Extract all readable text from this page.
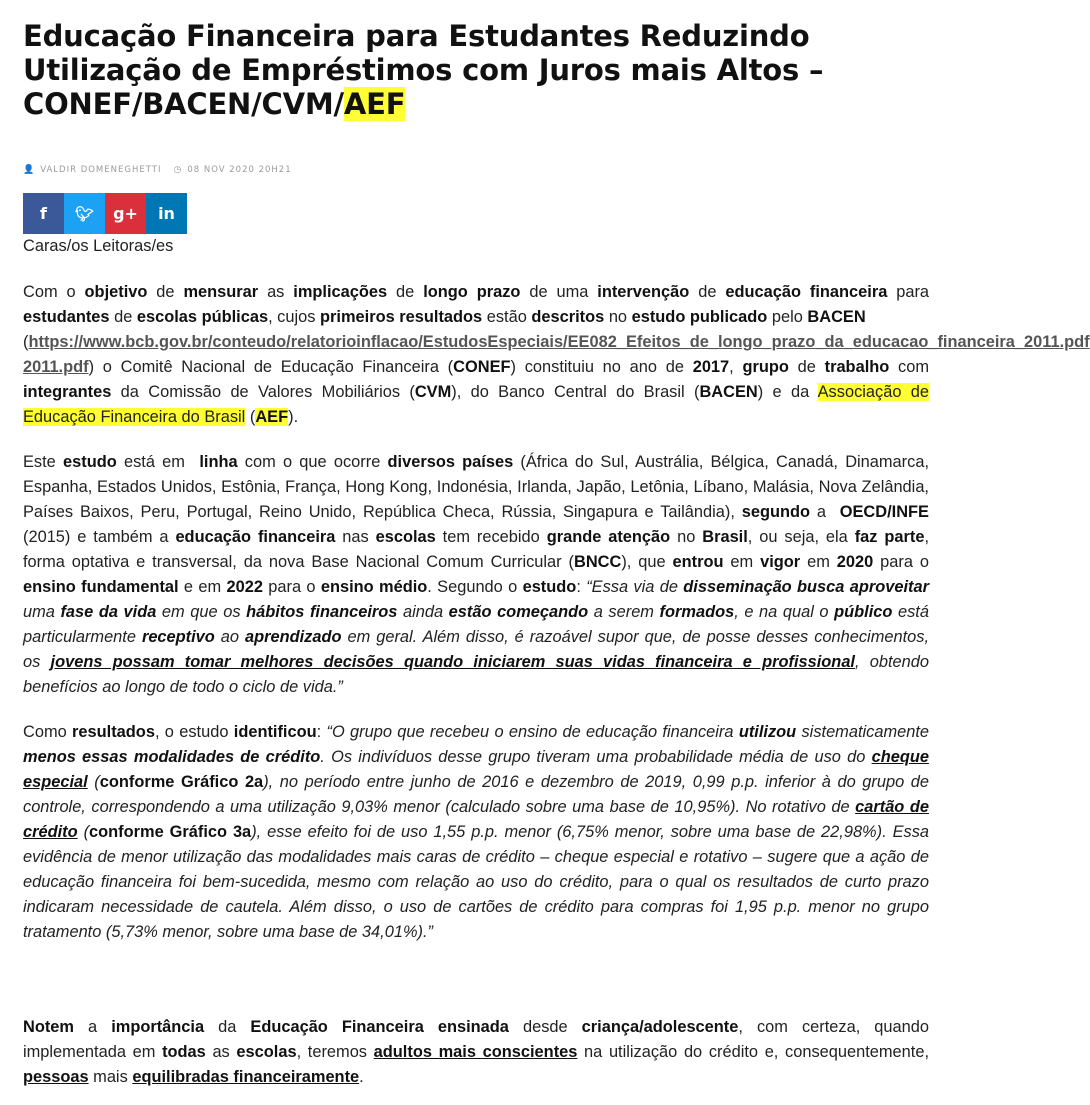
Educação Financeira para Estudantes Reduzindo Utilização de Empréstimos com Juros mais Altos – CONEF/BACEN/CVM/AEF
👤 VALDIR DOMENEGHETTI ◷ 08 NOV 2020 20H21
f 🐦︎ g+ in

Caras/os Leitoras/es

Com o objetivo de mensurar as implicações de longo prazo de uma intervenção de educação financeira para estudantes de escolas públicas, cujos primeiros resultados estão descritos no estudo publicado pelo BACEN
(https://www.bcb.gov.br/conteudo/relatorioinflacao/EstudosEspeciais/EE082_Efeitos_de_longo_prazo_da_educacao_financeira_2011.pdf
2011.pdf) o Comitê Nacional de Educação Financeira (CONEF) constituiu no ano de 2017, grupo de trabalho com integrantes da Comissão de Valores Mobiliários (CVM), do Banco Central do Brasil (BACEN) e da Associação de Educação Financeira do Brasil (AEF).

Este estudo está em  linha com o que ocorre diversos países (África do Sul, Austrália, Bélgica, Canadá, Dinamarca, Espanha, Estados Unidos, Estônia, França, Hong Kong, Indonésia, Irlanda, Japão, Letônia, Líbano, Malásia, Nova Zelândia, Países Baixos, Peru, Portugal, Reino Unido, República Checa, Rússia, Singapura e Tailândia), segundo a  OECD/INFE (2015) e também a educação financeira nas escolas tem recebido grande atenção no Brasil, ou seja, ela faz parte, forma optativa e transversal, da nova Base Nacional Comum Curricular (BNCC), que entrou em vigor em 2020 para o ensino fundamental e em 2022 para o ensino médio. Segundo o estudo: “Essa via de disseminação busca aproveitar uma fase da vida em que os hábitos financeiros ainda estão começando a serem formados, e na qual o público está particularmente receptivo ao aprendizado em geral. Além disso, é razoável supor que, de posse desses conhecimentos, os jovens possam tomar melhores decisões quando iniciarem suas vidas financeira e profissional, obtendo benefícios ao longo de todo o ciclo de vida.”

Como resultados, o estudo identificou: “O grupo que recebeu o ensino de educação financeira utilizou sistematicamente menos essas modalidades de crédito. Os indivíduos desse grupo tiveram uma probabilidade média de uso do cheque especial (conforme Gráfico 2a), no período entre junho de 2016 e dezembro de 2019, 0,99 p.p. inferior à do grupo de controle, correspondendo a uma utilização 9,03% menor (calculado sobre uma base de 10,95%). No rotativo de cartão de crédito (conforme Gráfico 3a), esse efeito foi de uso 1,55 p.p. menor (6,75% menor, sobre uma base de 22,98%). Essa evidência de menor utilização das modalidades mais caras de crédito – cheque especial e rotativo – sugere que a ação de educação financeira foi bem-sucedida, mesmo com relação ao uso do crédito, para o qual os resultados de curto prazo indicaram necessidade de cautela. Além disso, o uso de cartões de crédito para compras foi 1,95 p.p. menor no grupo tratamento (5,73% menor, sobre uma base de 34,01%).”

Notem a importância da Educação Financeira ensinada desde criança/adolescente, com certeza, quando implementada em todas as escolas, teremos adultos mais conscientes na utilização do crédito e, consequentemente, pessoas mais equilibradas financeiramente.
